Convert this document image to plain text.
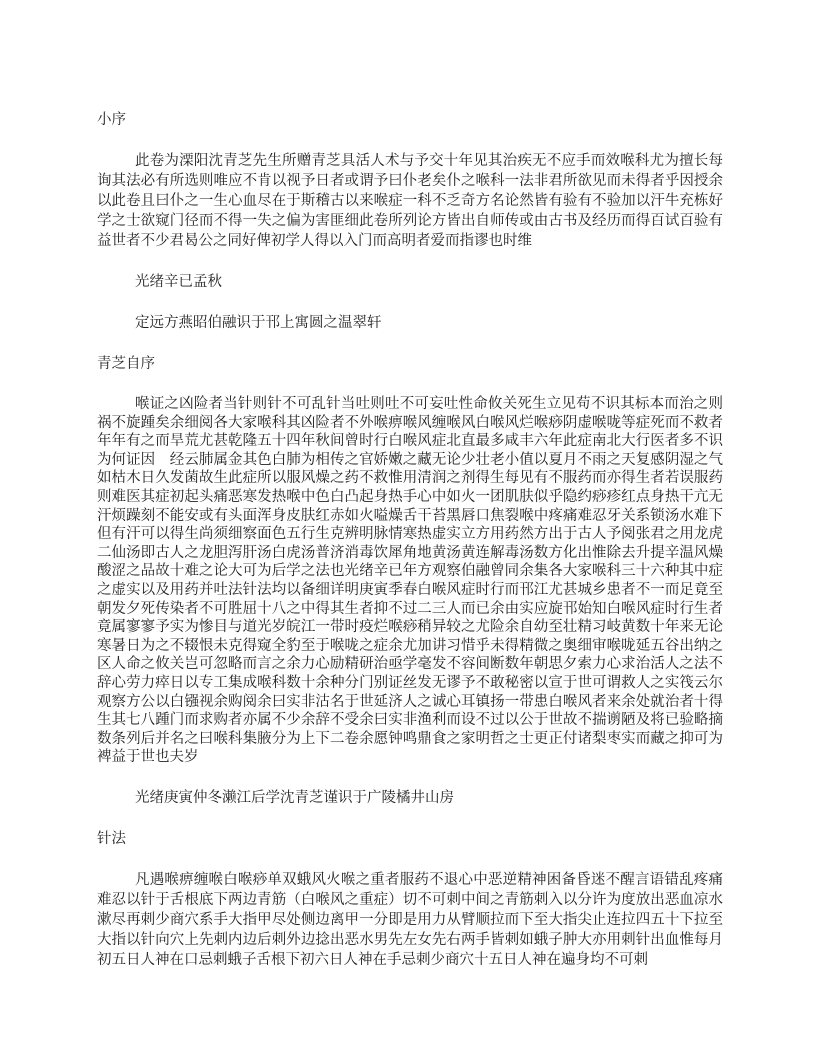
小序
此卷为溧阳沈青芝先生所赠青芝具活人术与予交十年见其治疾无不应手而效喉科尤为擅长每询其法必有所选则唯应不肯以视予日者或谓予曰仆老矣仆之喉科一法非君所欲见而未得者乎因授余以此卷且曰仆之一生心血尽在于斯稽古以来喉症一科不乏奇方名论然皆有验有不验加以汗牛充栋好学之士欲窥门径而不得一失之偏为害匪细此卷所列论方皆出自师传或由古书及经历而得百试百验有益世者不少君曷公之同好俾初学人得以入门而高明者爱而指谬也时维
光绪辛已孟秋
定远方燕昭伯融识于邗上寓圆之温翠轩
青芝自序
喉证之凶险者当针则针不可乱针当吐则吐不可妄吐性命攸关死生立见苟不识其标本而治之则祸不旋踵矣余细阅各大家喉科其凶险者不外喉痹喉风缠喉风白喉风烂喉痧阴虚喉咙等症死而不救者年年有之而旱荒尤甚乾隆五十四年秋间曾时行白喉风症北直最多咸丰六年此症南北大行医者多不识为何证因　经云肺属金其色白肺为相传之官娇嫩之藏无论少壮老小值以夏月不雨之天复感阴湿之气如枯木日久发菌故生此症所以服风燥之药不救惟用清润之剂得生每见有不服药而亦得生者若误服药则难医其症初起头痛恶寒发热喉中色白凸起身热手心中如火一团肌肤似乎隐约痧疹红点身热干亢无汗烦躁刻不能安或有头面浑身皮肤红赤如火嗌燥舌干苔黑唇口焦裂喉中疼痛难忍牙关系锁汤水难下但有汗可以得生尚须细察面色五行生克辨明脉情寒热虚实立方用药然方出于古人予阅张君之用龙虎二仙汤即古人之龙胆泻肝汤白虎汤普济消毒饮犀角地黄汤黄连解毒汤数方化出惟除去升提辛温风燥酸涩之品故十难之论大可为后学之法也光绪辛已年方观察伯融曾同余集各大家喉科三十六种其中症之虚实以及用药并吐法针法均以备细详明庚寅季春白喉风症时行而邗江尤甚城乡患者不一而足竟至朝发夕死传染者不可胜屈十八之中得其生者抑不过二三人而已余由实应旋邗始知白喉风症时行生者竟属寥寥予实为惨目与道光岁皖江一带时疫烂喉痧稍异较之尤险余自幼至壮精习岐黄数十年来无论寒暑日为之不辍恨未克得窥全豹至于喉咙之症余尤加讲习惜乎未得精微之奥细审喉咙延五谷出纳之区人命之攸关岂可忽略而言之余力心励精研治亟学毫发不容间断数年朝思夕索力心求治活人之法不辞心劳力瘁日以专工集成喉科数十余种分门别证丝发无谬予不敢秘密以宣于世可谓救人之实筏云尔观察方公以白镪视余购阅余曰实非沽名于世延济人之诚心耳镇扬一带患白喉风者来余处就治者十得生其七八踵门而求购者亦属不少余辞不受余曰实非渔利而设不过以公于世故不揣谫陋及将已验略摘数条列后并名之曰喉科集腋分为上下二卷余愿钟鸣鼎食之家明哲之士更正付诸梨枣实而藏之抑可为裨益于世也夫岁
光绪庚寅仲冬濑江后学沈青芝谨识于广陵橘井山房
针法
凡遇喉痹缠喉白喉痧单双蛾风火喉之重者服药不退心中恶逆精神困备昏迷不醒言语错乱疼痛难忍以针于舌根底下两边青筋（白喉风之重症）切不可刺中间之青筋刺入以分许为度放出恶血凉水漱尽再刺少商穴系手大指甲尽处侧边离甲一分即是用力从臂顺拉而下至大指尖止连拉四五十下拉至大指以针向穴上先刺内边后刺外边捻出恶水男先左女先右两手皆刺如蛾子肿大亦用刺针出血惟每月初五日人神在口忌刺蛾子舌根下初六日人神在手忌刺少商穴十五日人神在遍身均不可刺
